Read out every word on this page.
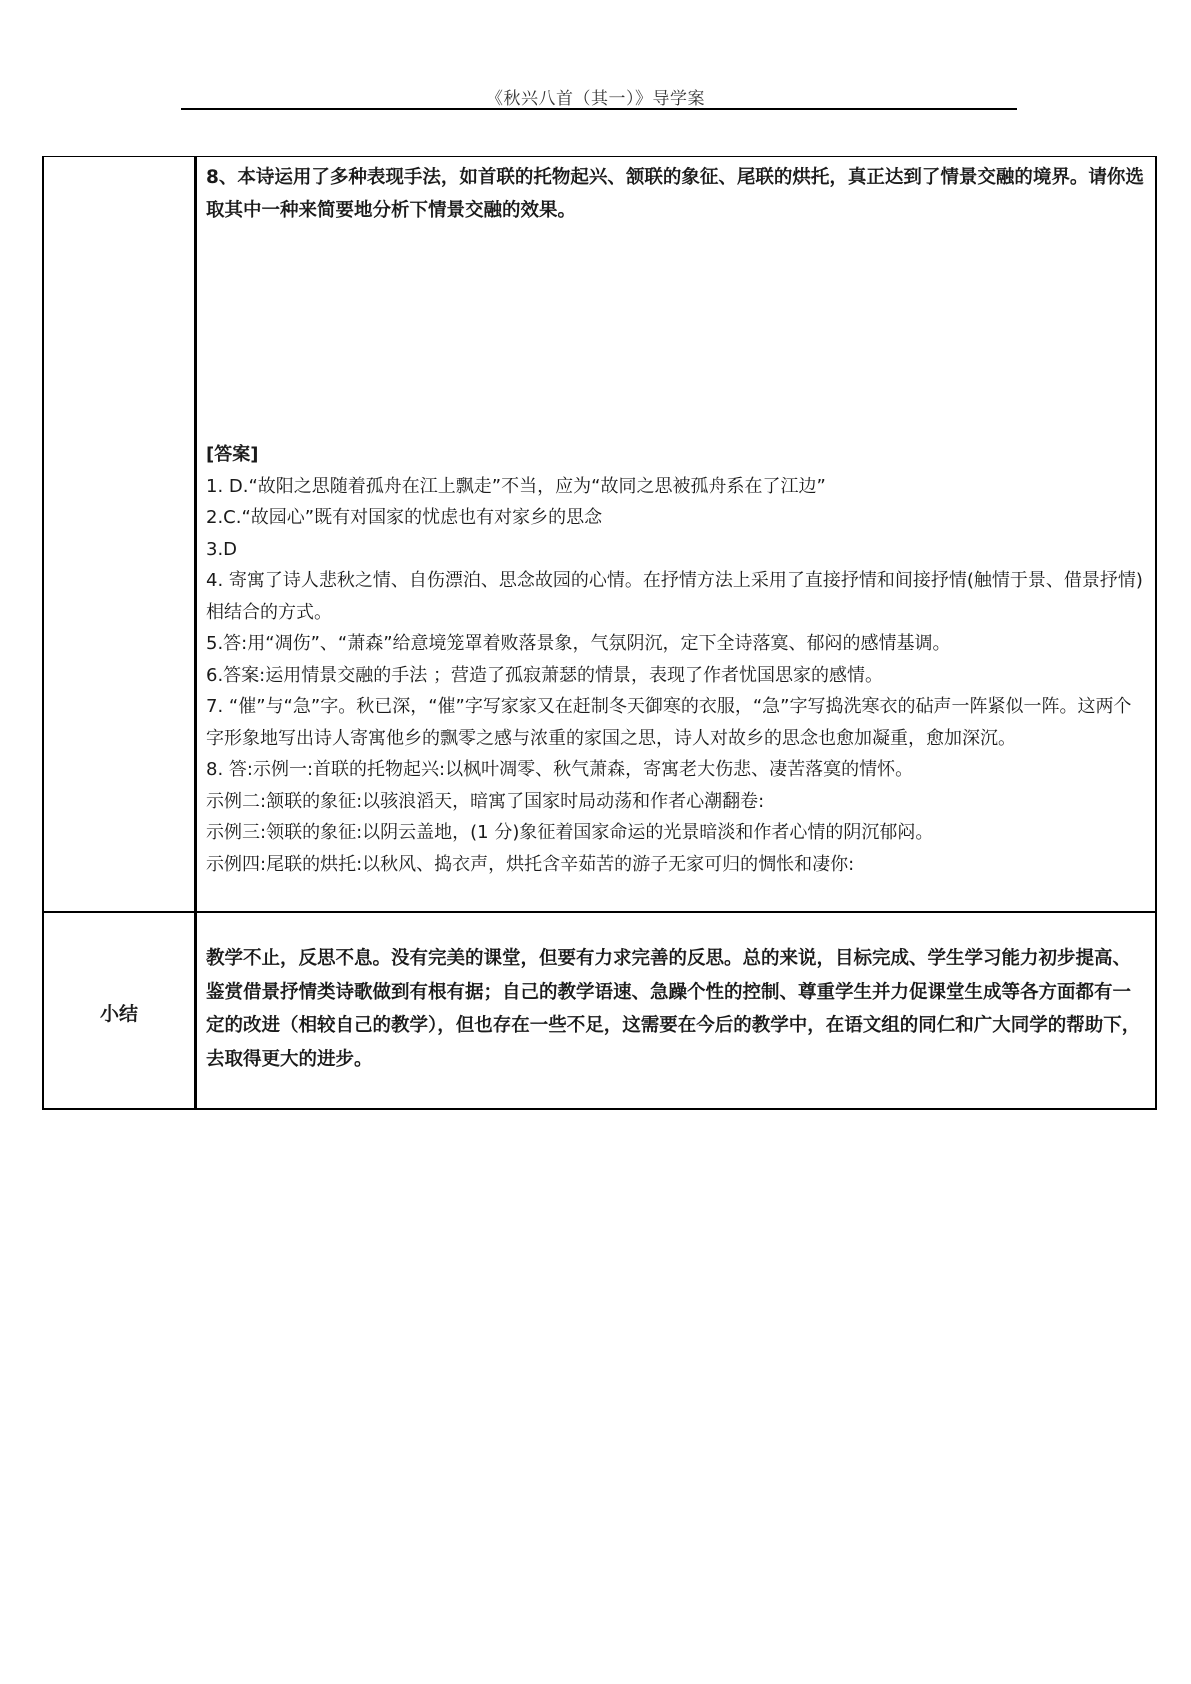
《秋兴八首（其一）》导学案

8、本诗运用了多种表现手法，如首联的托物起兴、颔联的象征、尾联的烘托，真正达到了情景交融的境界。请你选取其中一种来简要地分析下情景交融的效果。

[答案]

1. D.“故阳之思随着孤舟在江上飘走”不当，应为“故同之思被孤舟系在了江边”

2.C.“故园心”既有对国家的忧虑也有对家乡的思念

3.D

4. 寄寓了诗人悲秋之情、自伤漂泊、思念故园的心情。在抒情方法上采用了直接抒情和间接抒情(触情于景、借景抒情)相结合的方式。

5.答:用“凋伤”、“萧森”给意境笼罩着败落景象，气氛阴沉，定下全诗落寞、郁闷的感情基调。

6.答案:运用情景交融的手法 ；营造了孤寂萧瑟的情景，表现了作者忧国思家的感情。

7. “催”与“急”字。秋已深，“催”字写家家又在赶制冬天御寒的衣服，“急”字写捣洗寒衣的砧声一阵紧似一阵。这两个字形象地写出诗人寄寓他乡的飘零之感与浓重的家国之思，诗人对故乡的思念也愈加凝重，愈加深沉。

8. 答:示例一:首联的托物起兴:以枫叶凋零、秋气萧森，寄寓老大伤悲、凄苦落寞的情怀。

示例二:颔联的象征:以骇浪滔天，暗寓了国家时局动荡和作者心潮翻卷:

示例三:领联的象征:以阴云盖地，(1 分)象征着国家命运的光景暗淡和作者心情的阴沉郁闷。

示例四:尾联的烘托:以秋风、捣衣声，烘托含辛茹苦的游子无家可归的惆怅和凄你:

小结

教学不止，反思不息。没有完美的课堂，但要有力求完善的反思。总的来说，目标完成、学生学习能力初步提高、鉴赏借景抒情类诗歌做到有根有据；自己的教学语速、急躁个性的控制、尊重学生并力促课堂生成等各方面都有一定的改进（相较自己的教学），但也存在一些不足，这需要在今后的教学中，在语文组的同仁和广大同学的帮助下，去取得更大的进步。
